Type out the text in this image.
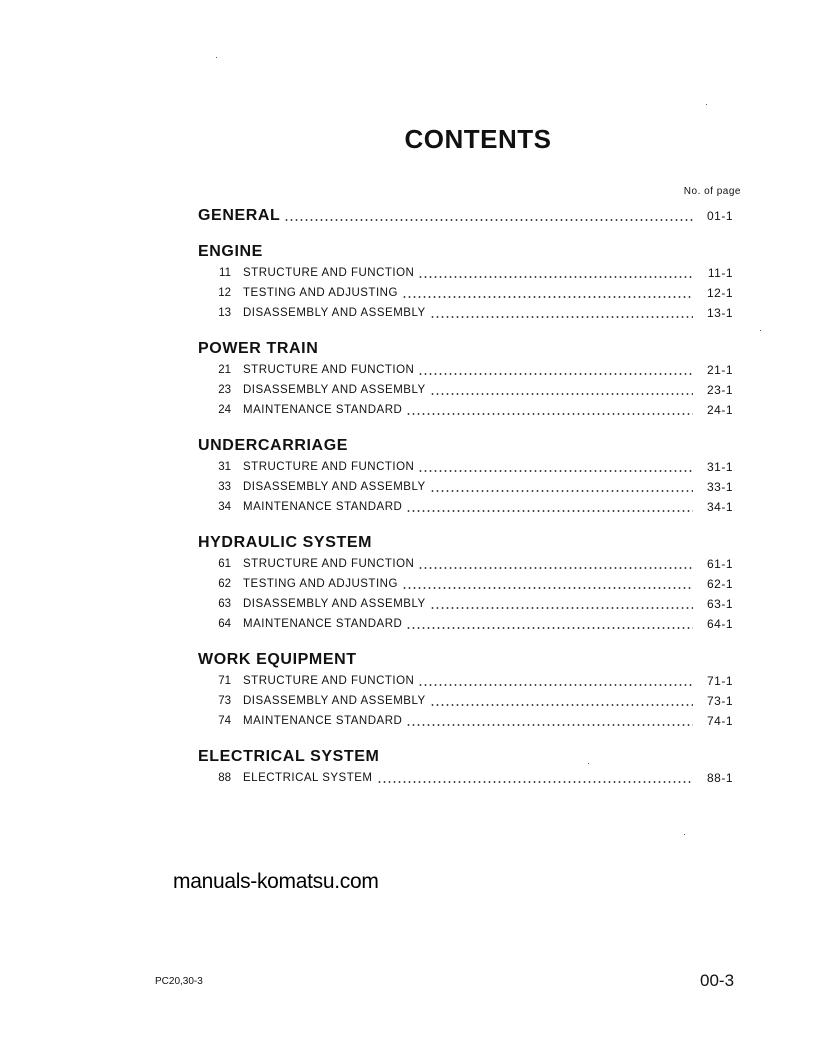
CONTENTS
No. of page
GENERAL	01-1
ENGINE
11 STRUCTURE AND FUNCTION	11-1
12 TESTING AND ADJUSTING	12-1
13 DISASSEMBLY AND ASSEMBLY	13-1
POWER TRAIN
21 STRUCTURE AND FUNCTION	21-1
23 DISASSEMBLY AND ASSEMBLY	23-1
24 MAINTENANCE STANDARD	24-1
UNDERCARRIAGE
31 STRUCTURE AND FUNCTION	31-1
33 DISASSEMBLY AND ASSEMBLY	33-1
34 MAINTENANCE STANDARD	34-1
HYDRAULIC SYSTEM
61 STRUCTURE AND FUNCTION	61-1
62 TESTING AND ADJUSTING	62-1
63 DISASSEMBLY AND ASSEMBLY	63-1
64 MAINTENANCE STANDARD	64-1
WORK EQUIPMENT
71 STRUCTURE AND FUNCTION	71-1
73 DISASSEMBLY AND ASSEMBLY	73-1
74 MAINTENANCE STANDARD	74-1
ELECTRICAL SYSTEM
88 ELECTRICAL SYSTEM	88-1
manuals-komatsu.com
PC20,30-3	00-3
